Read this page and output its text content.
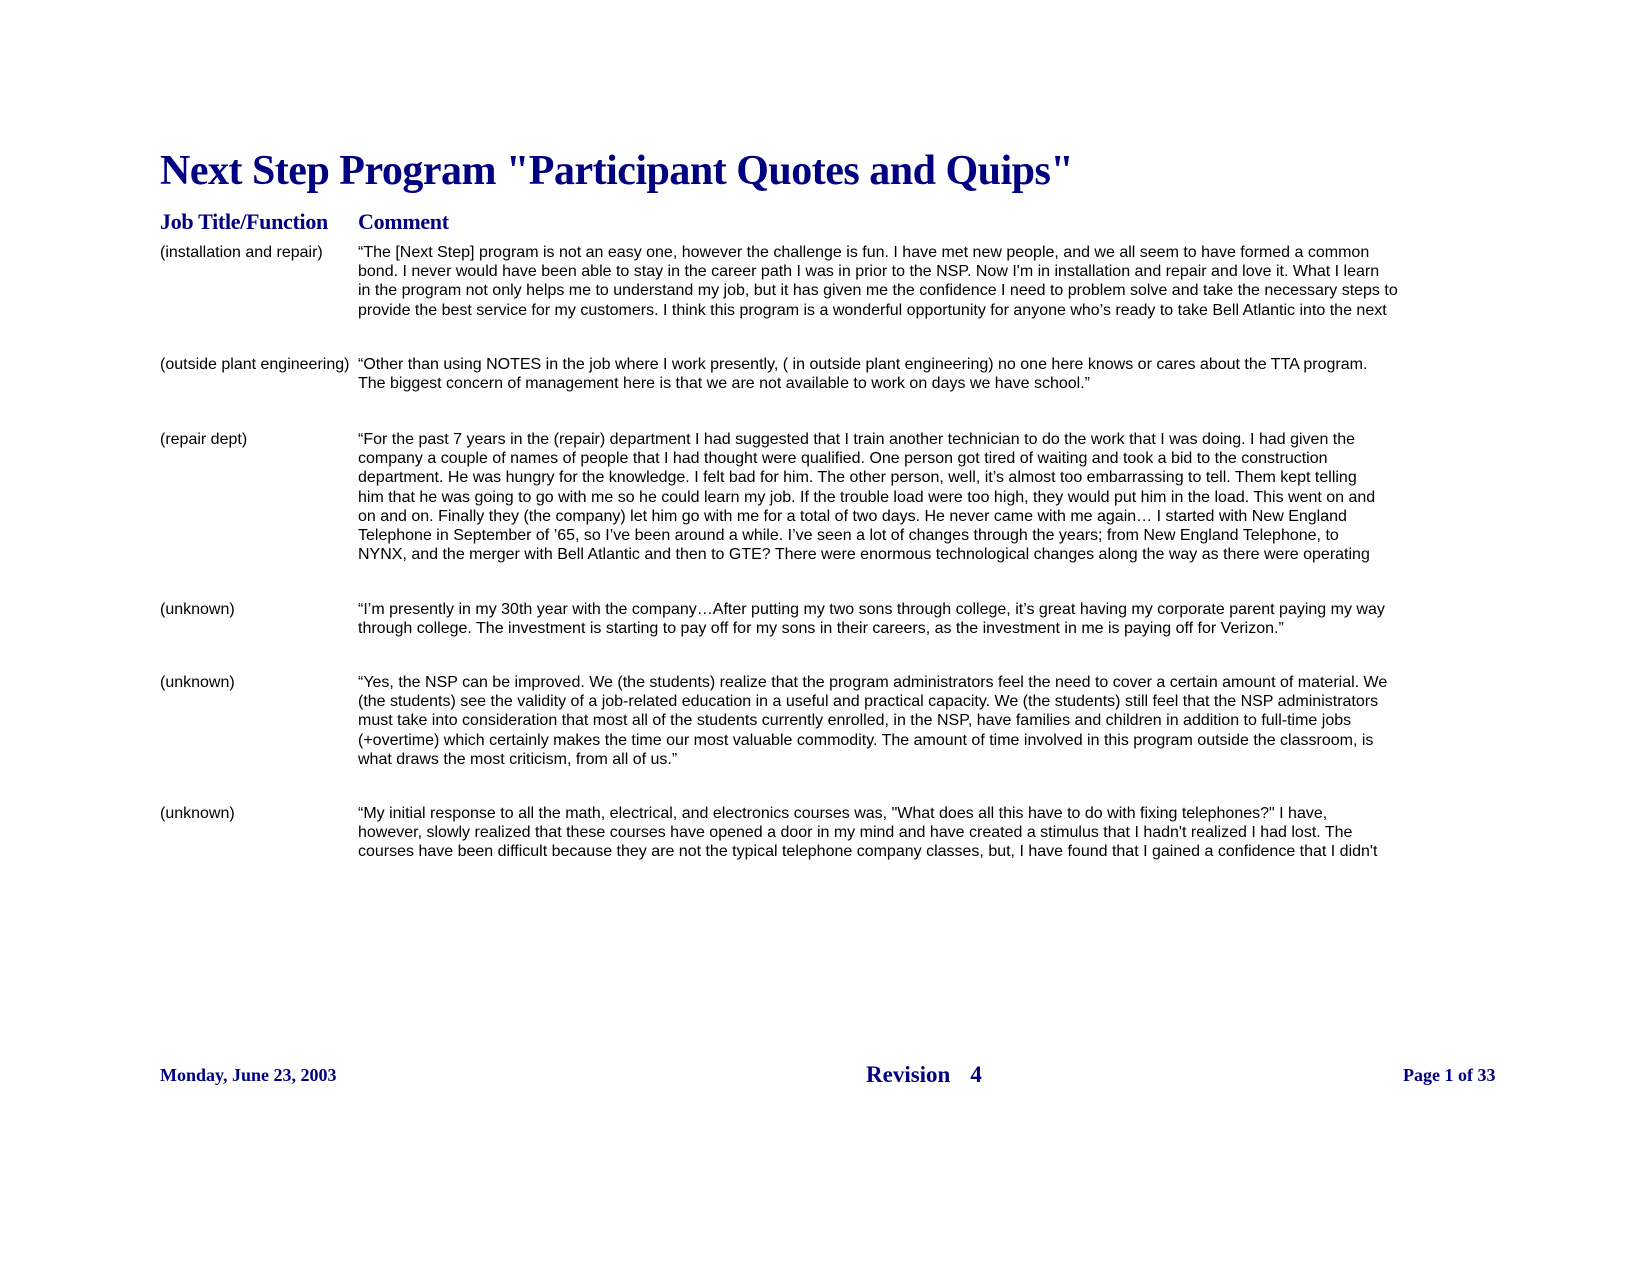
Next Step Program "Participant Quotes and Quips"
Job Title/Function Comment
(installation and repair)	“The [Next Step] program is not an easy one, however the challenge is fun. I have met new people, and we all seem to have formed a common
bond. I never would have been able to stay in the career path I was in prior to the NSP. Now I'm in installation and repair and love it. What I learn
in the program not only helps me to understand my job, but it has given me the confidence I need to problem solve and take the necessary steps to
provide the best service for my customers. I think this program is a wonderful opportunity for anyone who’s ready to take Bell Atlantic into the next
(outside plant engineering) “Other than using NOTES in the job where I work presently, ( in outside plant engineering) no one here knows or cares about the TTA program.
The biggest concern of management here is that we are not available to work on days we have school.”
(repair dept)	“For the past 7 years in the (repair) department I had suggested that I train another technician to do the work that I was doing. I had given the
company a couple of names of people that I had thought were qualified. One person got tired of waiting and took a bid to the construction
department. He was hungry for the knowledge. I felt bad for him. The other person, well, it’s almost too embarrassing to tell. Them kept telling
him that he was going to go with me so he could learn my job. If the trouble load were too high, they would put him in the load. This went on and
on and on. Finally they (the company) let him go with me for a total of two days. He never came with me again… I started with New England
Telephone in September of ’65, so I’ve been around a while. I’ve seen a lot of changes through the years; from New England Telephone, to
NYNX, and the merger with Bell Atlantic and then to GTE? There were enormous technological changes along the way as there were operating
(unknown)	“I’m presently in my 30th year with the company…After putting my two sons through college, it’s great having my corporate parent paying my way
through college. The investment is starting to pay off for my sons in their careers, as the investment in me is paying off for Verizon.”
(unknown)	“Yes, the NSP can be improved. We (the students) realize that the program administrators feel the need to cover a certain amount of material. We
(the students) see the validity of a job-related education in a useful and practical capacity. We (the students) still feel that the NSP administrators
must take into consideration that most all of the students currently enrolled, in the NSP, have families and children in addition to full-time jobs
(+overtime) which certainly makes the time our most valuable commodity. The amount of time involved in this program outside the classroom, is
what draws the most criticism, from all of us.”
(unknown)	“My initial response to all the math, electrical, and electronics courses was, "What does all this have to do with fixing telephones?" I have,
however, slowly realized that these courses have opened a door in my mind and have created a stimulus that I hadn't realized I had lost. The
courses have been difficult because they are not the typical telephone company classes, but, I have found that I gained a confidence that I didn't
Monday, June 23, 2003	Revision 4	Page 1 of 33
